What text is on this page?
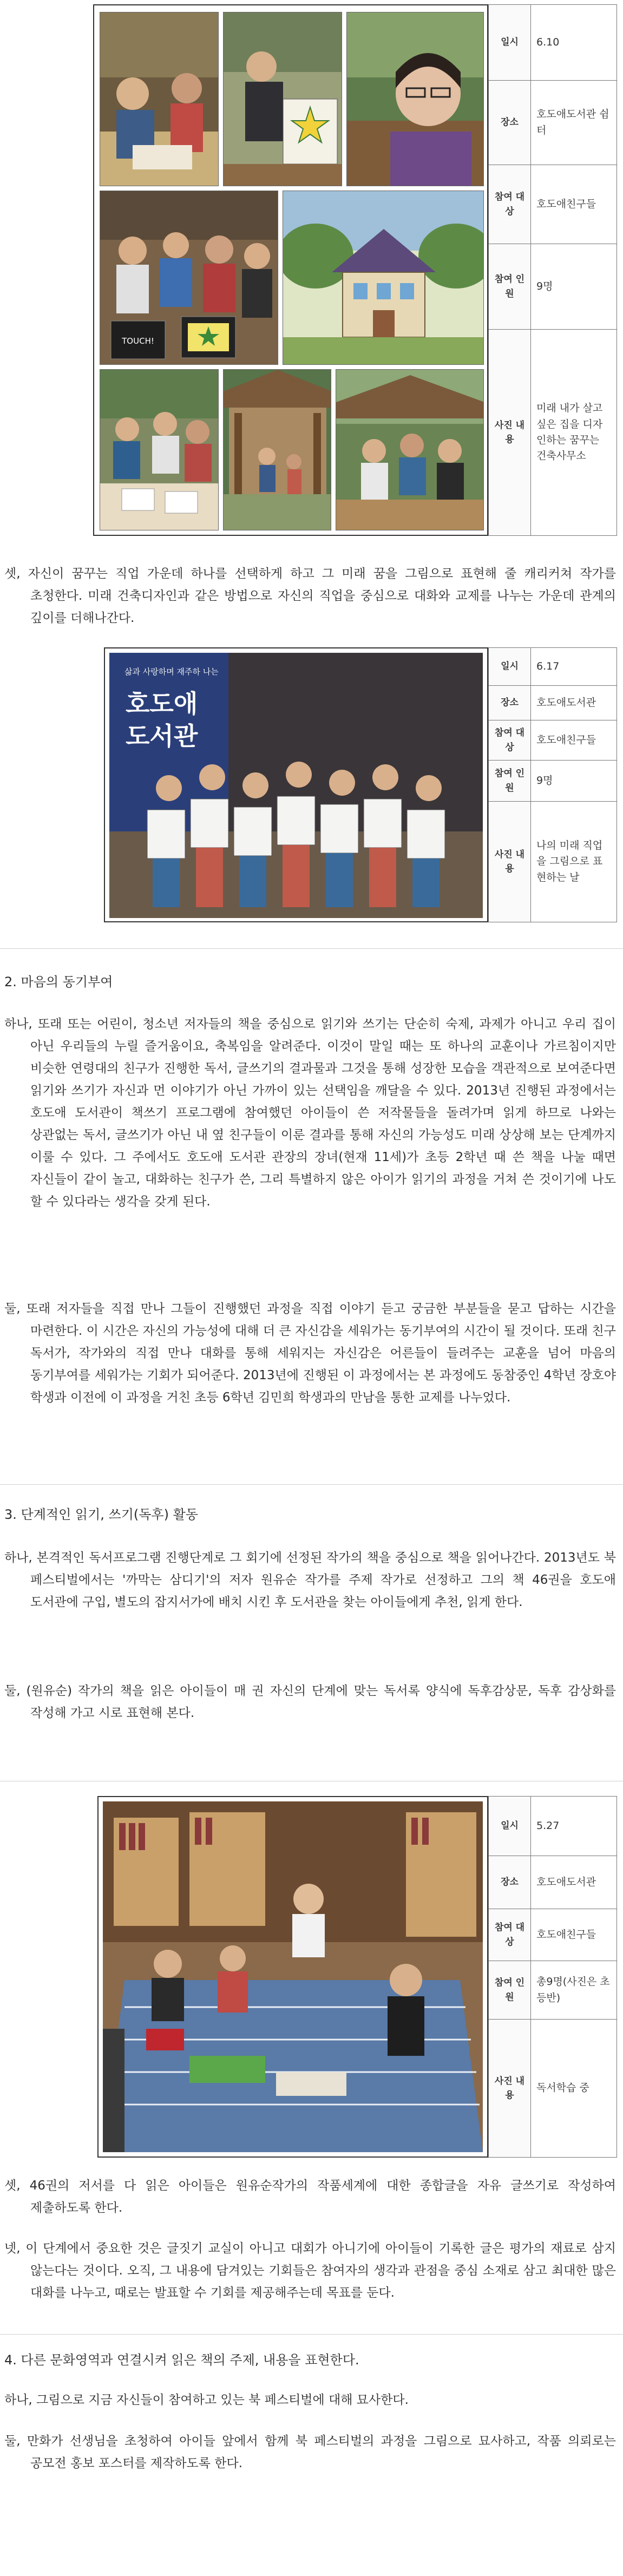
TOUCH!
일시	6.10
장소	호도애도서관 쉼터
참여 대상	호도애친구들
참여 인원	9명
사진 내용	미래 내가 살고 싶은 집을 디자인하는 꿈꾸는 건축사무소
셋, 자신이 꿈꾸는 직업 가운데 하나를 선택하게 하고 그 미래 꿈을 그림으로 표현해 줄 캐리커쳐 작가를 초청한다. 미래 건축디자인과 같은 방법으로 자신의 직업을 중심으로 대화와 교제를 나누는 가운데 관계의 깊이를 더해나간다.
삶과 사랑하며 재주하 나는
호도애
도서관
일시	6.17
장소	호도애도서관
참여 대상	호도애친구들
참여 인원	9명
사진 내용	나의 미래 직업을 그림으로 표현하는 날
2. 마음의 동기부여
하나, 또래 또는 어린이, 청소년 저자들의 책을 중심으로 읽기와 쓰기는 단순히 숙제, 과제가 아니고 우리 집이 아닌 우리들의 누릴 즐거움이요, 축복임을 알려준다. 이것이 말일 때는 또 하나의 교훈이나 가르침이지만 비슷한 연령대의 친구가 진행한 독서, 글쓰기의 결과물과 그것을 통해 성장한 모습을 객관적으로 보여준다면 읽기와 쓰기가 자신과 먼 이야기가 아닌 가까이 있는 선택임을 깨달을 수 있다. 2013년 진행된 과정에서는 호도애 도서관이 책쓰기 프로그램에 참여했던 아이들이 쓴 저작물들을 돌려가며 읽게 하므로 나와는 상관없는 독서, 글쓰기가 아닌 내 옆 친구들이 이룬 결과를 통해 자신의 가능성도 미래 상상해 보는 단계까지 이룰 수 있다. 그 주에서도 호도애 도서관 관장의 장녀(현재 11세)가 초등 2학년 때 쓴 책을 나눌 때면 자신들이 같이 놀고, 대화하는 친구가 쓴, 그리 특별하지 않은 아이가 읽기의 과정을 거쳐 쓴 것이기에 나도 할 수 있다라는 생각을 갖게 된다.
둘, 또래 저자들을 직접 만나 그들이 진행했던 과정을 직접 이야기 듣고 궁금한 부분들을 묻고 답하는 시간을 마련한다. 이 시간은 자신의 가능성에 대해 더 큰 자신감을 세워가는 동기부여의 시간이 될 것이다. 또래 친구 독서가, 작가와의 직접 만나 대화를 통해 세워지는 자신감은 어른들이 들려주는 교훈을 넘어 마음의 동기부여를 세워가는 기회가 되어준다. 2013년에 진행된 이 과정에서는 본 과정에도 동참중인 4학년 장호야 학생과 이전에 이 과정을 거친 초등 6학년 김민희 학생과의 만남을 통한 교제를 나누었다.
3. 단계적인 읽기, 쓰기(독후) 활동
하나, 본격적인 독서프로그램 진행단계로 그 회기에 선정된 작가의 책을 중심으로 책을 읽어나간다. 2013년도 북 페스티벌에서는 '까막는 삼디기'의 저자 원유순 작가를 주제 작가로 선정하고 그의 책 46권을 호도애 도서관에 구입, 별도의 잡지서가에 배치 시킨 후 도서관을 찾는 아이들에게 추천, 읽게 한다.
둘, (원유순) 작가의 책을 읽은 아이들이 매 권 자신의 단계에 맞는 독서록 양식에 독후감상문, 독후 감상화를 작성해 가고 시로 표현해 본다.
일시	5.27
장소	호도애도서관
참여 대상	호도애친구들
참여 인원	총9명(사진은 초등반)
사진 내용	독서학습 중
셋, 46권의 저서를 다 읽은 아이들은 원유순작가의 작품세계에 대한 종합글을 자유 글쓰기로 작성하여 제출하도록 한다.
넷, 이 단계에서 중요한 것은 글짓기 교실이 아니고 대회가 아니기에 아이들이 기록한 글은 평가의 재료로 삼지 않는다는 것이다. 오직, 그 내용에 담겨있는 기회들은 참여자의 생각과 관점을 중심 소재로 삼고 최대한 많은 대화를 나누고, 때로는 발표할 수 기회를 제공해주는데 목표를 둔다.
4. 다른 문화영역과 연결시켜 읽은 책의 주제, 내용을 표현한다.
하나, 그림으로 지금 자신들이 참여하고 있는 북 페스티벌에 대해 묘사한다.
둘, 만화가 선생님을 초청하여 아이들 앞에서 함께 북 페스티벌의 과정을 그림으로 묘사하고, 작품 의뢰로는 공모전 홍보 포스터를 제작하도록 한다.
